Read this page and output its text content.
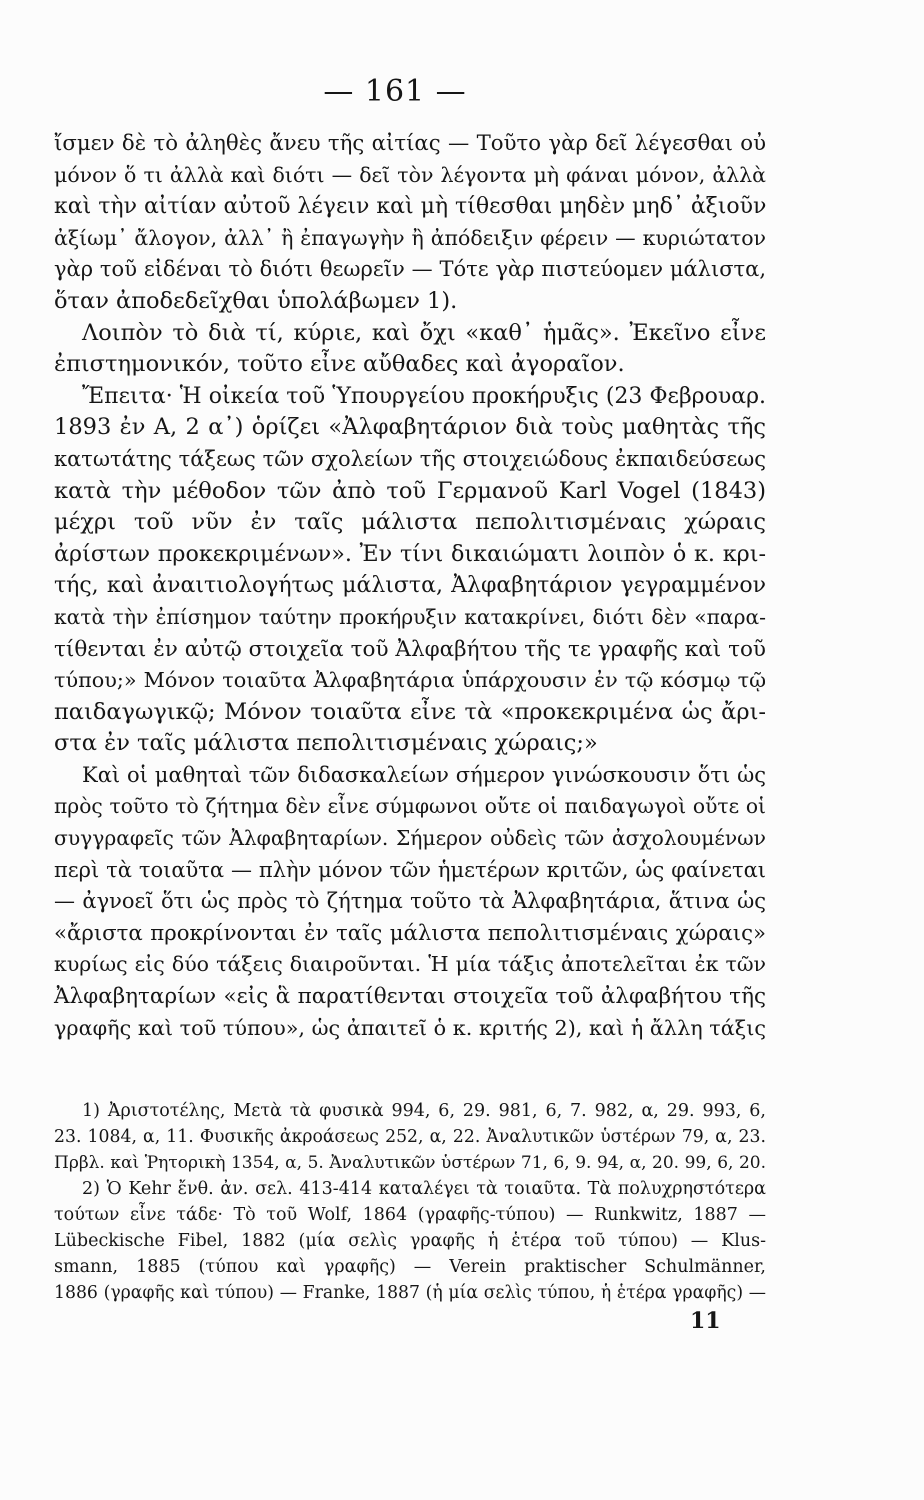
— 161 —
ἴσμεν δὲ τὸ ἀληθὲς ἄνευ τῆς αἰτίας — Τοῦτο γὰρ δεῖ λέγεσθαι οὐ
μόνον ὅ τι ἀλλὰ καὶ διότι — δεῖ τὸν λέγοντα μὴ φάναι μόνον, ἀλλὰ
καὶ τὴν αἰτίαν αὐτοῦ λέγειν καὶ μὴ τίθεσθαι μηδὲν μηδ᾽ ἀξιοῦν
ἀξίωμ᾽ ἄλογον, ἀλλ᾽ ἢ ἐπαγωγὴν ἢ ἀπόδειξιν φέρειν — κυριώτατον
γὰρ τοῦ εἰδέναι τὸ διότι θεωρεῖν — Τότε γὰρ πιστεύομεν μάλιστα,
ὅταν ἀποδεδεῖχθαι ὑπολάβωμεν 1).
Λοιπὸν τὸ διὰ τί, κύριε, καὶ ὄχι «καθ᾽ ἡμᾶς». Ἐκεῖνο εἶνε
ἐπιστημονικόν, τοῦτο εἶνε αὔθαδες καὶ ἀγοραῖον.
Ἔπειτα· Ἡ οἰκεία τοῦ Ὑπουργείου προκήρυξις (23 Φεβρουαρ.
1893 ἐν Α, 2 α᾽) ὁρίζει «Ἀλφαβητάριον διὰ τοὺς μαθητὰς τῆς
κατωτάτης τάξεως τῶν σχολείων τῆς στοιχειώδους ἐκπαιδεύσεως
κατὰ τὴν μέθοδον τῶν ἀπὸ τοῦ Γερμανοῦ Karl Vogel (1843)
μέχρι τοῦ νῦν ἐν ταῖς μάλιστα πεπολιτισμέναις χώραις
ἀρίστων προκεκριμένων». Ἐν τίνι δικαιώματι λοιπὸν ὁ κ. κρι-
τής, καὶ ἀναιτιολογήτως μάλιστα, Ἀλφαβητάριον γεγραμμένον
κατὰ τὴν ἐπίσημον ταύτην προκήρυξιν κατακρίνει, διότι δὲν «παρα-
τίθενται ἐν αὐτῷ στοιχεῖα τοῦ Ἀλφαβήτου τῆς τε γραφῆς καὶ τοῦ
τύπου;» Μόνον τοιαῦτα Ἀλφαβητάρια ὑπάρχουσιν ἐν τῷ κόσμῳ τῷ
παιδαγωγικῷ; Μόνον τοιαῦτα εἶνε τὰ «προκεκριμένα ὡς ἄρι-
στα ἐν ταῖς μάλιστα πεπολιτισμέναις χώραις;»
Καὶ οἱ μαθηταὶ τῶν διδασκαλείων σήμερον γινώσκουσιν ὅτι ὡς
πρὸς τοῦτο τὸ ζήτημα δὲν εἶνε σύμφωνοι οὔτε οἱ παιδαγωγοὶ οὔτε οἱ
συγγραφεῖς τῶν Ἀλφαβηταρίων. Σήμερον οὐδεὶς τῶν ἀσχολουμένων
περὶ τὰ τοιαῦτα — πλὴν μόνον τῶν ἡμετέρων κριτῶν, ὡς φαίνεται
— ἀγνοεῖ ὅτι ὡς πρὸς τὸ ζήτημα τοῦτο τὰ Ἀλφαβητάρια, ἅτινα ὡς
«ἄριστα προκρίνονται ἐν ταῖς μάλιστα πεπολιτισμέναις χώραις»
κυρίως εἰς δύο τάξεις διαιροῦνται. Ἡ μία τάξις ἀποτελεῖται ἐκ τῶν
Ἀλφαβηταρίων «εἰς ἃ παρατίθενται στοιχεῖα τοῦ ἀλφαβήτου τῆς
γραφῆς καὶ τοῦ τύπου», ὡς ἀπαιτεῖ ὁ κ. κριτής 2), καὶ ἡ ἄλλη τάξις
1) Ἀριστοτέλης, Μετὰ τὰ φυσικὰ 994, 6, 29. 981, 6, 7. 982, α, 29. 993, 6,
23. 1084, α, 11. Φυσικῆς ἀκροάσεως 252, α, 22. Ἀναλυτικῶν ὑστέρων 79, α, 23.
Πρβλ. καὶ Ῥητορικὴ 1354, α, 5. Ἀναλυτικῶν ὑστέρων 71, 6, 9. 94, α, 20. 99, 6, 20.
2) Ὁ Kehr ἔνθ. ἀν. σελ. 413-414 καταλέγει τὰ τοιαῦτα. Τὰ πολυχρηστότερα
τούτων εἶνε τάδε· Τὸ τοῦ Wolf, 1864 (γραφῆς-τύπου) — Runkwitz, 1887 —
Lübeckische Fibel, 1882 (μία σελὶς γραφῆς ἡ ἑτέρα τοῦ τύπου) — Klus-
smann, 1885 (τύπου καὶ γραφῆς) — Verein praktischer Schulmänner,
1886 (γραφῆς καὶ τύπου) — Franke, 1887 (ἡ μία σελὶς τύπου, ἡ ἑτέρα γραφῆς) —
11
